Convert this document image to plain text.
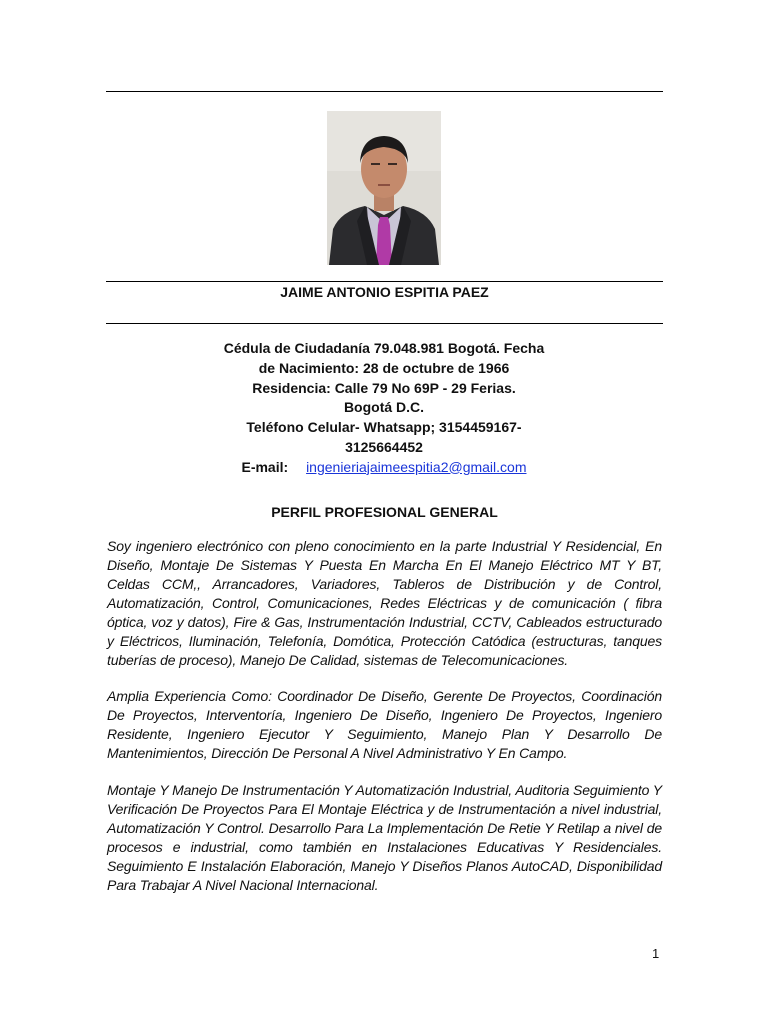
JAIME ANTONIO ESPITIA PAEZ
Cédula de Ciudadanía 79.048.981 Bogotá. Fecha
de Nacimiento: 28 de octubre de 1966
Residencia: Calle 79 No 69P - 29 Ferias.
Bogotá D.C.
Teléfono Celular- Whatsapp; 3154459167-
3125664452
E-mail: ingenieriajaimeespitia2@gmail.com
PERFIL PROFESIONAL GENERAL

Soy ingeniero electrónico con pleno conocimiento en la parte Industrial Y Residencial, En Diseño, Montaje De Sistemas Y Puesta En Marcha En El Manejo Eléctrico MT Y BT, Celdas CCM,, Arrancadores, Variadores, Tableros de Distribución y de Control, Automatización, Control, Comunicaciones, Redes Eléctricas y de comunicación ( fibra óptica, voz y datos), Fire & Gas, Instrumentación Industrial, CCTV, Cableados estructurado y Eléctricos, Iluminación, Telefonía, Domótica, Protección Catódica (estructuras, tanques tuberías de proceso), Manejo De Calidad, sistemas de Telecomunicaciones.

Amplia Experiencia Como: Coordinador De Diseño, Gerente De Proyectos, Coordinación De Proyectos, Interventoría, Ingeniero De Diseño, Ingeniero De Proyectos, Ingeniero Residente, Ingeniero Ejecutor Y Seguimiento, Manejo Plan Y Desarrollo De Mantenimientos, Dirección De Personal A Nivel Administrativo Y En Campo.

Montaje Y Manejo De Instrumentación Y Automatización Industrial, Auditoria Seguimiento Y Verificación De Proyectos Para El Montaje Eléctrica y de Instrumentación a nivel industrial, Automatización Y Control. Desarrollo Para La Implementación De Retie Y Retilap a nivel de procesos e industrial, como también en Instalaciones Educativas Y Residenciales. Seguimiento E Instalación Elaboración, Manejo Y Diseños Planos AutoCAD, Disponibilidad Para Trabajar A Nivel Nacional Internacional.

1
